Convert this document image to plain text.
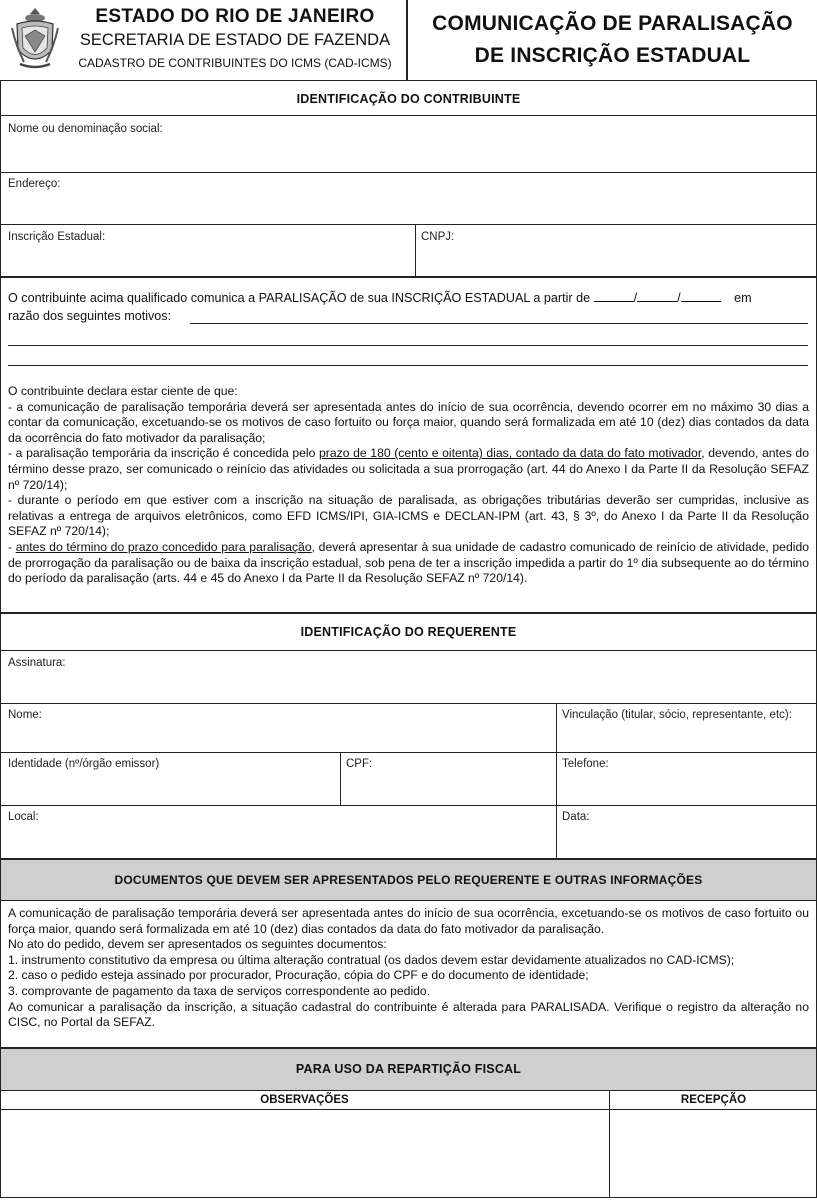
ESTADO DO RIO DE JANEIRO
SECRETARIA DE ESTADO DE FAZENDA
CADASTRO DE CONTRIBUINTES DO ICMS (CAD-ICMS)
COMUNICAÇÃO DE PARALISAÇÃO
DE INSCRIÇÃO ESTADUAL
IDENTIFICAÇÃO DO CONTRIBUINTE
Nome ou denominação social:
Endereço:
Inscrição Estadual:	CNPJ:
O contribuinte acima qualificado comunica a PARALISAÇÃO de sua INSCRIÇÃO ESTADUAL a partir de	/	/	em
razão dos seguintes motivos:

O contribuinte declara estar ciente de que:

- a comunicação de paralisação temporária deverá ser apresentada antes do início de sua ocorrência, devendo ocorrer em no máximo 30 dias a contar da comunicação, excetuando-se os motivos de caso fortuito ou força maior, quando será formalizada em até 10 (dez) dias contados da data da ocorrência do fato motivador da paralisação;

- a paralisação temporária da inscrição é concedida pelo prazo de 180 (cento e oitenta) dias, contado da data do fato motivador, devendo, antes do término desse prazo, ser comunicado o reinício das atividades ou solicitada a sua prorrogação (art. 44 do Anexo I da Parte II da Resolução SEFAZ nº 720/14);

- durante o período em que estiver com a inscrição na situação de paralisada, as obrigações tributárias deverão ser cumpridas, inclusive as relativas a entrega de arquivos eletrônicos, como EFD ICMS/IPI, GIA-ICMS e DECLAN-IPM (art. 43, § 3º, do Anexo I da Parte II da Resolução SEFAZ nº 720/14);

- antes do término do prazo concedido para paralisação, deverá apresentar à sua unidade de cadastro comunicado de reinício de atividade, pedido de prorrogação da paralisação ou de baixa da inscrição estadual, sob pena de ter a inscrição impedida a partir do 1º dia subsequente ao do término do período da paralisação (arts. 44 e 45 do Anexo I da Parte II da Resolução SEFAZ nº 720/14).

IDENTIFICAÇÃO DO REQUERENTE
Assinatura:
Nome:	Vinculação (titular, sócio, representante, etc):
Identidade (nº/órgão emissor)	CPF:	Telefone:
Local:	Data:
DOCUMENTOS QUE DEVEM SER APRESENTADOS PELO REQUERENTE E OUTRAS INFORMAÇÕES

A comunicação de paralisação temporária deverá ser apresentada antes do início de sua ocorrência, excetuando-se os motivos de caso fortuito ou força maior, quando será formalizada em até 10 (dez) dias contados da data do fato motivador da paralisação.

No ato do pedido, devem ser apresentados os seguintes documentos:

1. instrumento constitutivo da empresa ou última alteração contratual (os dados devem estar devidamente atualizados no CAD-ICMS);

2. caso o pedido esteja assinado por procurador, Procuração, cópia do CPF e do documento de identidade;

3. comprovante de pagamento da taxa de serviços correspondente ao pedido.

Ao comunicar a paralisação da inscrição, a situação cadastral do contribuinte é alterada para PARALISADA. Verifique o registro da alteração no CISC, no Portal da SEFAZ.

PARA USO DA REPARTIÇÃO FISCAL
OBSERVAÇÕES	RECEPÇÃO
